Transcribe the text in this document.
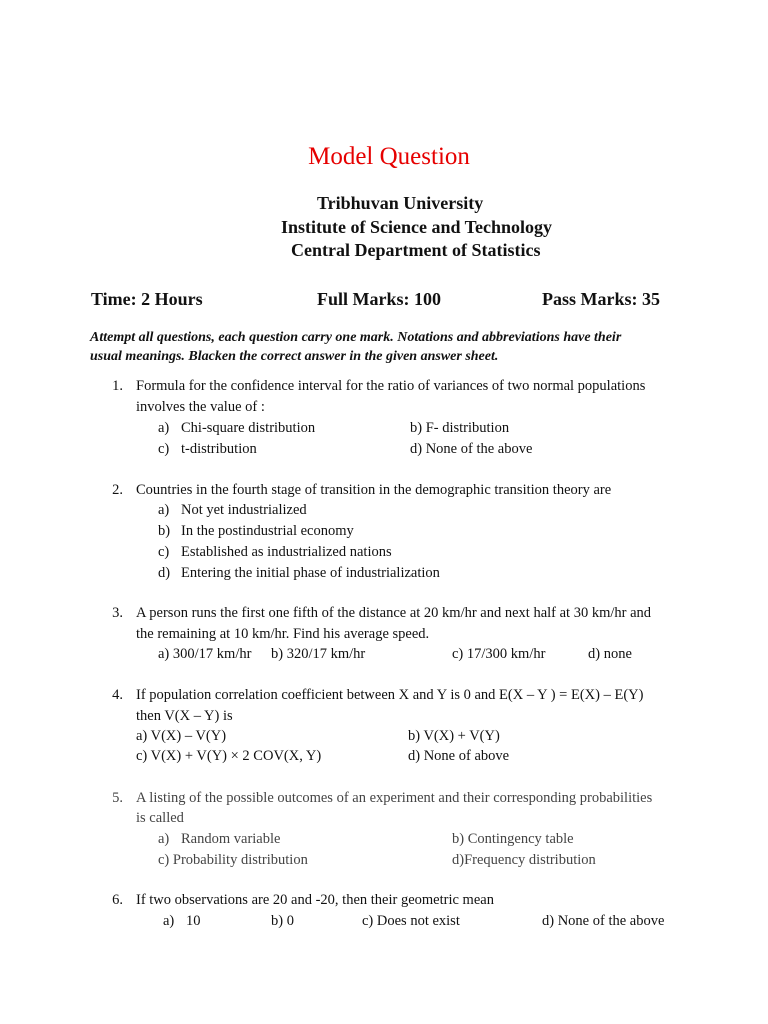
Model Question
Tribhuvan University
Institute of Science and Technology
Central Department of Statistics
Time: 2 Hours	Full Marks: 100	Pass Marks: 35
Attempt all questions, each question carry one mark. Notations and abbreviations have their
usual meanings. Blacken the correct answer in the given answer sheet.
1. Formula for the confidence interval for the ratio of variances of two normal populations
involves the value of :
a) Chi-square distribution	b) F- distribution
c) t-distribution	d) None of the above
2. Countries in the fourth stage of transition in the demographic transition theory are
a) Not yet industrialized
b) In the postindustrial economy
c) Established as industrialized nations
d) Entering the initial phase of industrialization
3. A person runs the first one fifth of the distance at 20 km/hr and next half at 30 km/hr and
the remaining at 10 km/hr. Find his average speed.
a) 300/17 km/hr b) 320/17 km/hr	c) 17/300 km/hr	d) none
4. If population correlation coefficient between X and Y is 0 and E(X – Y ) = E(X) – E(Y)
then V(X – Y) is
a) V(X) – V(Y)	b) V(X) + V(Y)
c) V(X) + V(Y) × 2 COV(X, Y)	d) None of above
5. A listing of the possible outcomes of an experiment and their corresponding probabilities
is called
a) Random variable	b) Contingency table
c) Probability distribution	d)Frequency distribution
6. If two observations are 20 and -20, then their geometric mean
a) 10	b) 0	c) Does not exist	d) None of the above
